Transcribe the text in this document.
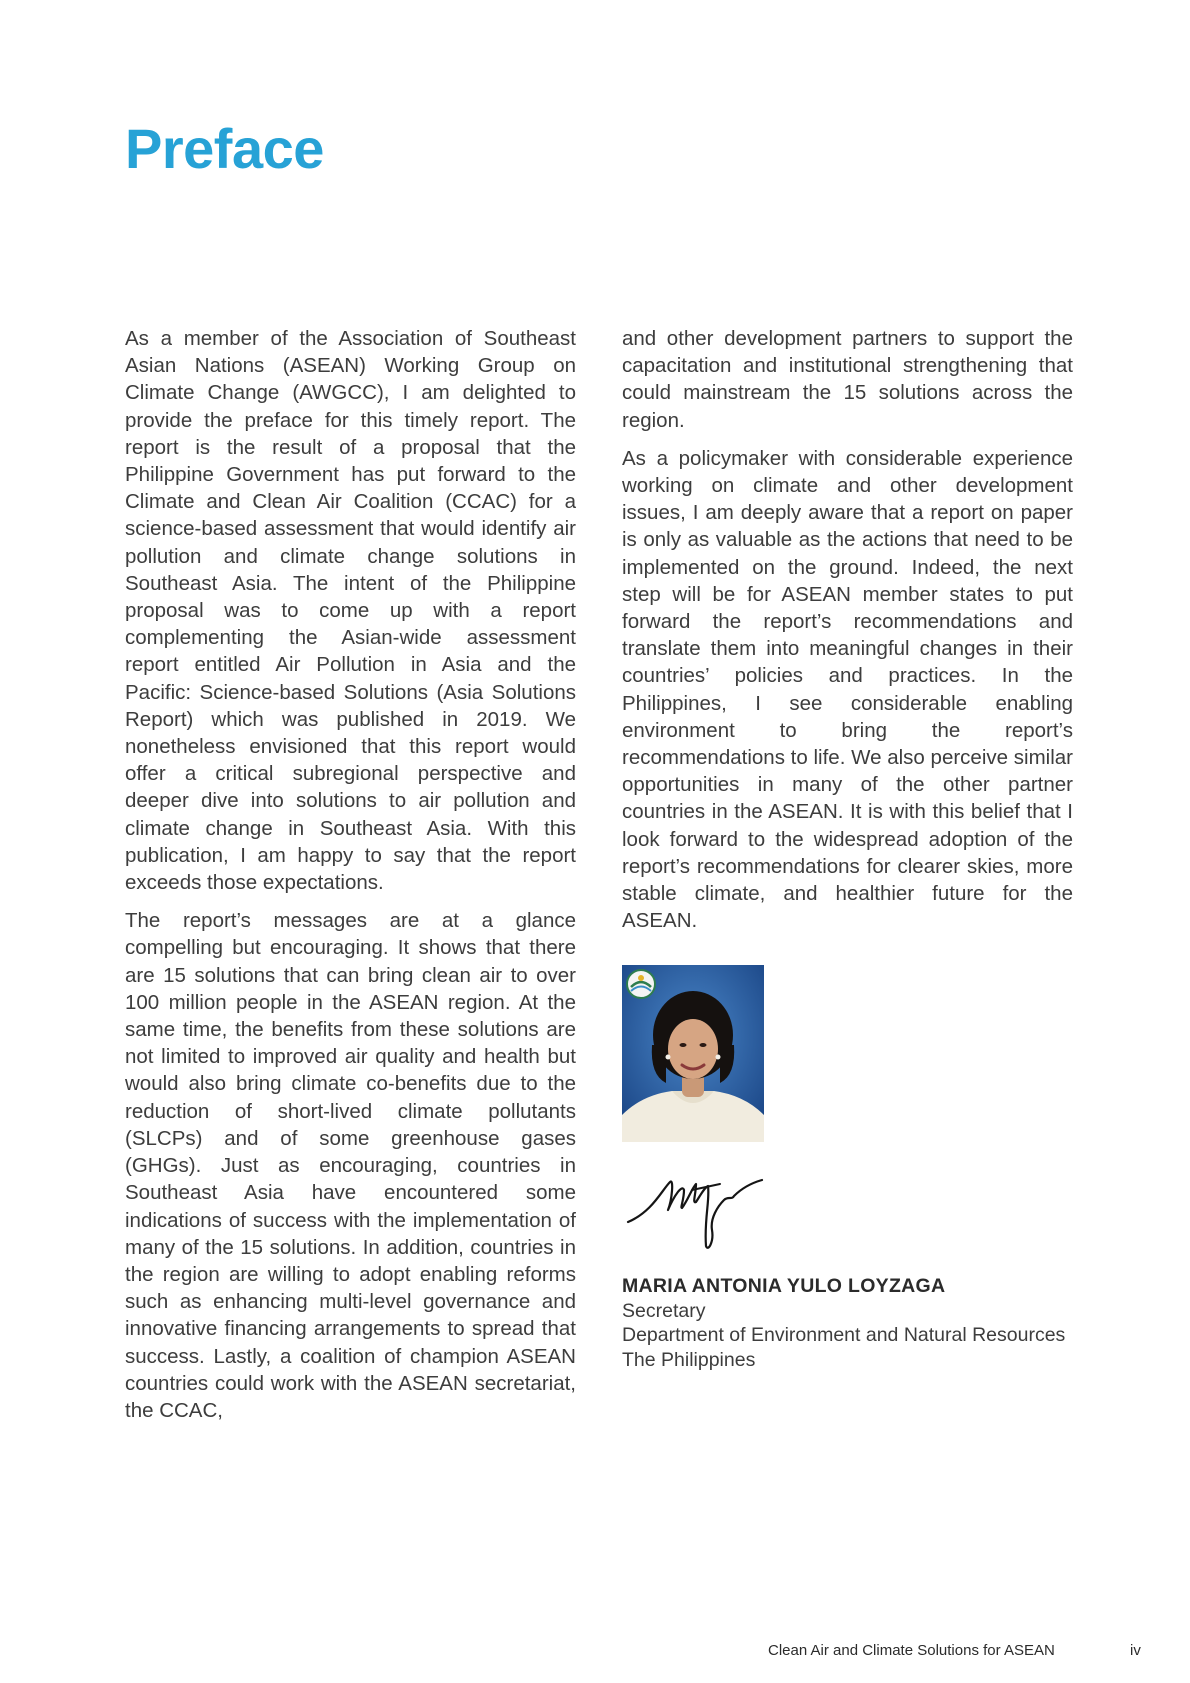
Preface

As a member of the Association of Southeast Asian Nations (ASEAN) Working Group on Climate Change (AWGCC), I am delighted to provide the preface for this timely report. The report is the result of a proposal that the Philippine Government has put forward to the Climate and Clean Air Coalition (CCAC) for a science-based assessment that would identify air pollution and climate change solutions in Southeast Asia. The intent of the Philippine proposal was to come up with a report complementing the Asian-wide assessment report entitled Air Pollution in Asia and the Pacific: Science-based Solutions (Asia Solutions Report) which was published in 2019. We nonetheless envisioned that this report would offer a critical subregional perspective and deeper dive into solutions to air pollution and climate change in Southeast Asia. With this publication, I am happy to say that the report exceeds those expectations.

The report’s messages are at a glance compelling but encouraging. It shows that there are 15 solutions that can bring clean air to over 100 million people in the ASEAN region. At the same time, the benefits from these solutions are not limited to improved air quality and health but would also bring climate co-benefits due to the reduction of short-lived climate pollutants (SLCPs) and of some greenhouse gases (GHGs). Just as encouraging, countries in Southeast Asia have encountered some indications of success with the implementation of many of the 15 solutions. In addition, countries in the region are willing to adopt enabling reforms such as enhancing multi-level governance and innovative financing arrangements to spread that success. Lastly, a coalition of champion ASEAN countries could work with the ASEAN secretariat, the CCAC,

and other development partners to support the capacitation and institutional strengthening that could mainstream the 15 solutions across the region.

As a policymaker with considerable experience working on climate and other development issues, I am deeply aware that a report on paper is only as valuable as the actions that need to be implemented on the ground. Indeed, the next step will be for ASEAN member states to put forward the report’s recommendations and translate them into meaningful changes in their countries’ policies and practices. In the Philippines, I see considerable enabling environment to bring the report’s recommendations to life. We also perceive similar opportunities in many of the other partner countries in the ASEAN. It is with this belief that I look forward to the widespread adoption of the report’s recommendations for clearer skies, more stable climate, and healthier future for the ASEAN.

MARIA ANTONIA YULO LOYZAGA
Secretary
Department of Environment and Natural Resources
The Philippines
Clean Air and Climate Solutions for ASEAN	iv
